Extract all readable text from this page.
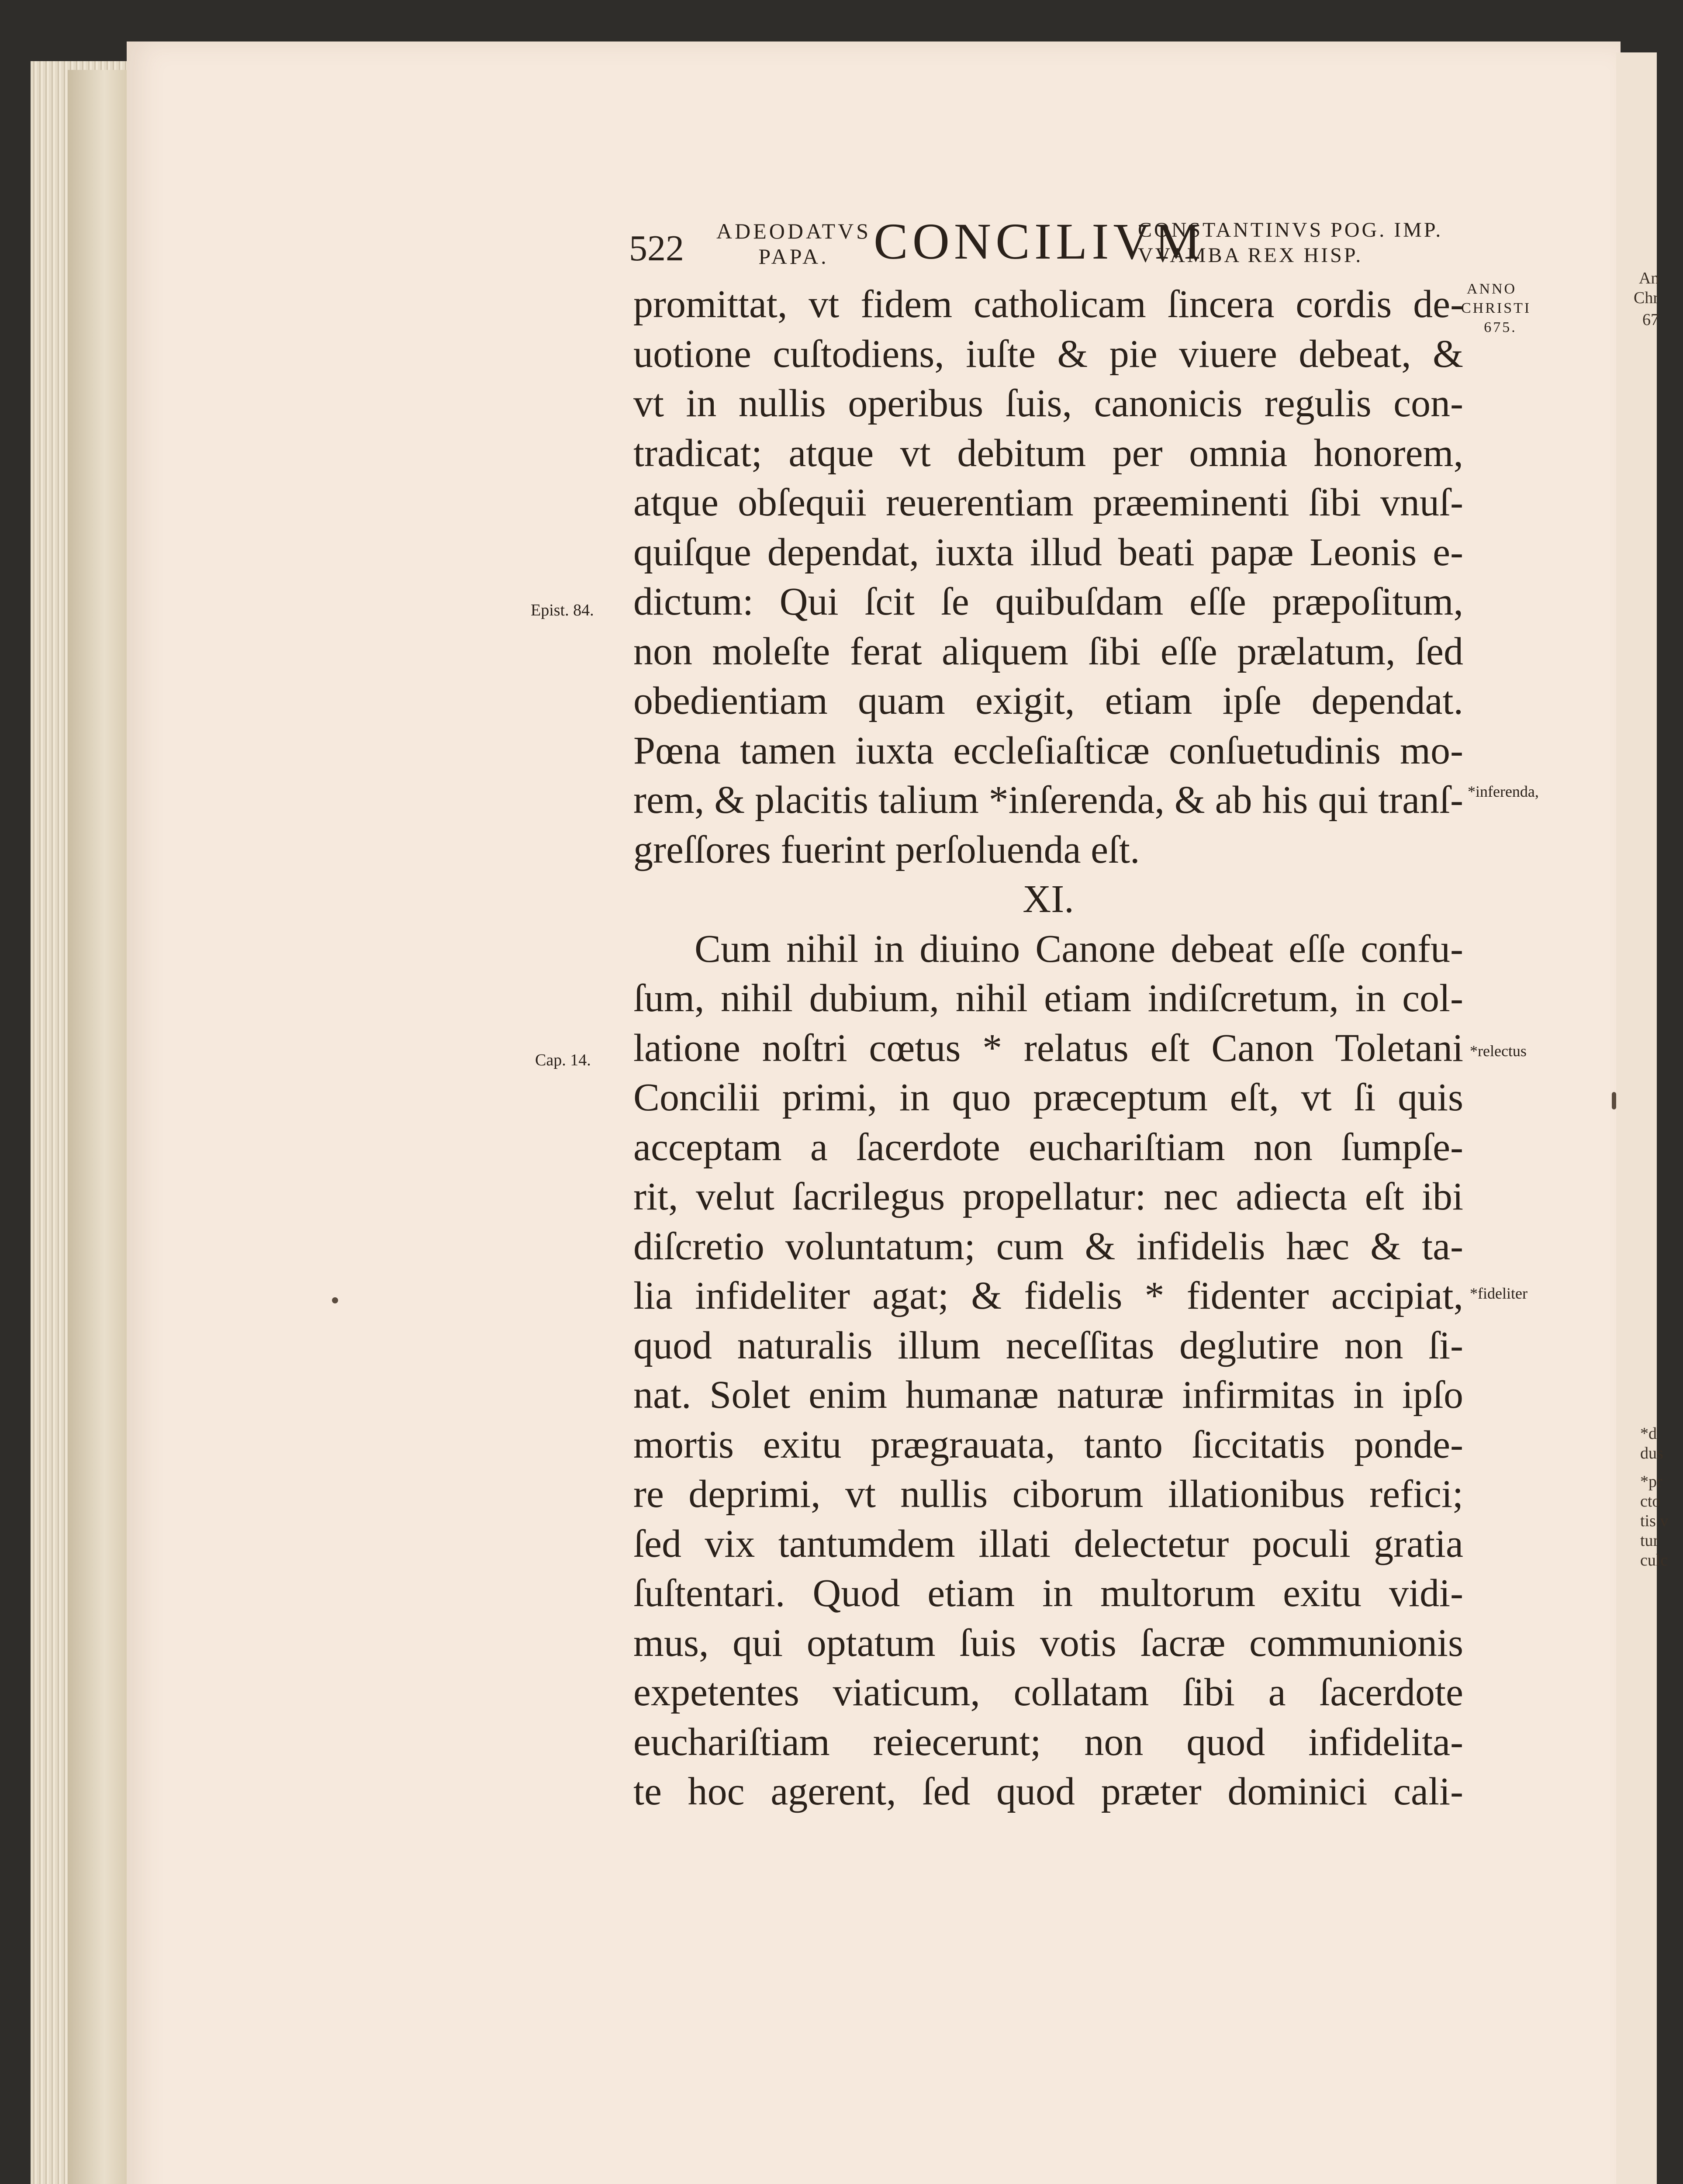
An
Chr
67
*d
dus
*pr
cto
tis v
tur
culc
522 ADEODATVS
PAPA. CONCILIVM
CONSTANTINVS POG. IMP.
VVAMBA REX HISP.
ANNO
CHRISTI
675.
*inferenda,
*relectus
*fideliter
Epist. 84.
Cap. 14.
promittat, vt fidem catholicam ſincera cordis de-
uotione cuſtodiens, iuſte & pie viuere debeat, &
vt in nullis operibus ſuis, canonicis regulis con-
tradicat; atque vt debitum per omnia honorem,
atque obſequii reuerentiam præeminenti ſibi vnuſ-
quiſque dependat, iuxta illud beati papæ Leonis e-
dictum: Qui ſcit ſe quibuſdam eſſe præpoſitum,
non moleſte ferat aliquem ſibi eſſe prælatum, ſed
obedientiam quam exigit, etiam ipſe dependat.
Pœna tamen iuxta eccleſiaſticæ conſuetudinis mo-
rem, & placitis talium *inſerenda, & ab his qui tranſ-
greſſores fuerint perſoluenda eſt.
XI.
Cum nihil in diuino Canone debeat eſſe confu-
ſum, nihil dubium, nihil etiam indiſcretum, in col-
latione noſtri cœtus * relatus eſt Canon Toletani
Concilii primi, in quo præceptum eſt, vt ſi quis
acceptam a ſacerdote euchariſtiam non ſumpſe-
rit, velut ſacrilegus propellatur: nec adiecta eſt ibi
diſcretio voluntatum; cum & infidelis hæc & ta-
lia infideliter agat; & fidelis * fidenter accipiat,
quod naturalis illum neceſſitas deglutire non ſi-
nat. Solet enim humanæ naturæ infirmitas in ipſo
mortis exitu prægrauata, tanto ſiccitatis ponde-
re deprimi, vt nullis ciborum illationibus refici;
ſed vix tantumdem illati delectetur poculi gratia
ſuſtentari. Quod etiam in multorum exitu vidi-
mus, qui optatum ſuis votis ſacræ communionis
expetentes viaticum, collatam ſibi a ſacerdote
euchariſtiam reiecerunt; non quod infidelita-
te hoc agerent, ſed quod præter dominici cali-
